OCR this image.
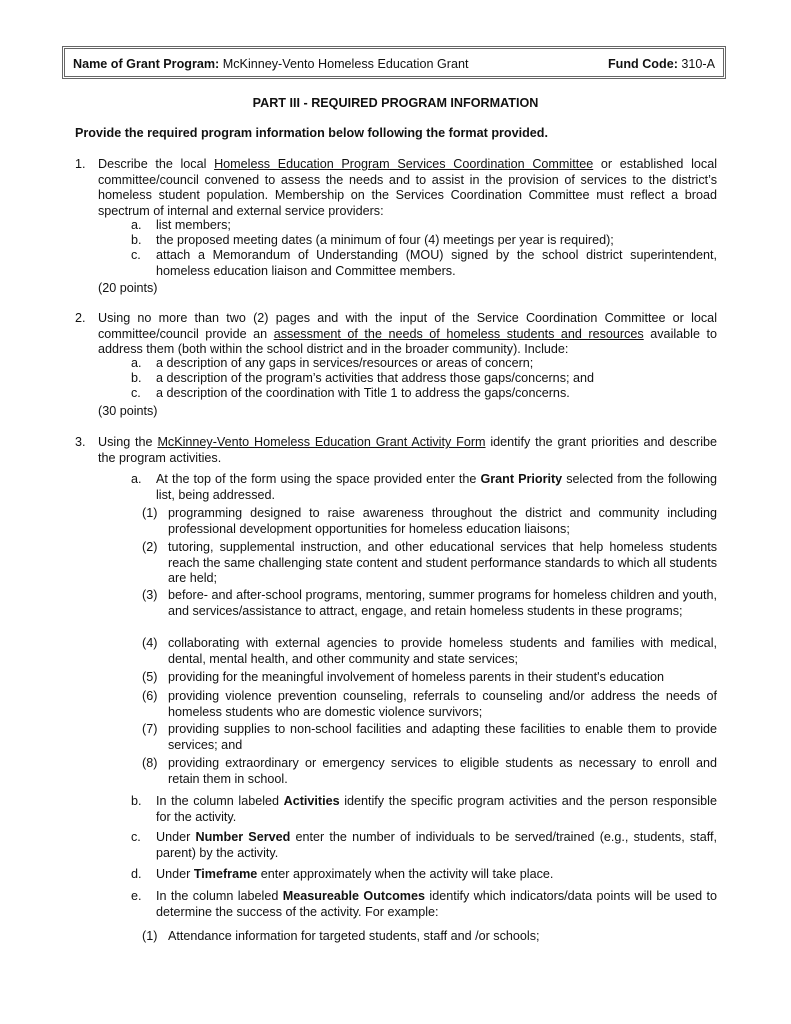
Name of Grant Program: McKinney-Vento Homeless Education Grant	Fund Code: 310-A
PART III - REQUIRED PROGRAM INFORMATION
Provide the required program information below following the format provided.
1. Describe the local Homeless Education Program Services Coordination Committee or established local committee/council convened to assess the needs and to assist in the provision of services to the district’s homeless student population. Membership on the Services Coordination Committee must reflect a broad spectrum of internal and external service providers:
a. list members;
b. the proposed meeting dates (a minimum of four (4) meetings per year is required);
c. attach a Memorandum of Understanding (MOU) signed by the school district superintendent, homeless education liaison and Committee members.
(20 points)
2. Using no more than two (2) pages and with the input of the Service Coordination Committee or local committee/council provide an assessment of the needs of homeless students and resources available to address them (both within the school district and in the broader community). Include:
a. a description of any gaps in services/resources or areas of concern;
b. a description of the program’s activities that address those gaps/concerns; and
c. a description of the coordination with Title 1 to address the gaps/concerns.
(30 points)
3. Using the McKinney-Vento Homeless Education Grant Activity Form identify the grant priorities and describe the program activities.
a. At the top of the form using the space provided enter the Grant Priority selected from the following list, being addressed.
(1) programming designed to raise awareness throughout the district and community including professional development opportunities for homeless education liaisons;
(2) tutoring, supplemental instruction, and other educational services that help homeless students reach the same challenging state content and student performance standards to which all students are held;
(3) before- and after-school programs, mentoring, summer programs for homeless children and youth, and services/assistance to attract, engage, and retain homeless students in these programs;
(4) collaborating with external agencies to provide homeless students and families with medical, dental, mental health, and other community and state services;
(5) providing for the meaningful involvement of homeless parents in their student's education
(6) providing violence prevention counseling, referrals to counseling and/or address the needs of homeless students who are domestic violence survivors;
(7) providing supplies to non-school facilities and adapting these facilities to enable them to provide services; and
(8) providing extraordinary or emergency services to eligible students as necessary to enroll and retain them in school.
b. In the column labeled Activities identify the specific program activities and the person responsible for the activity.
c. Under Number Served enter the number of individuals to be served/trained (e.g., students, staff, parent) by the activity.
d. Under Timeframe enter approximately when the activity will take place.
e. In the column labeled Measureable Outcomes identify which indicators/data points will be used to determine the success of the activity. For example:
(1) Attendance information for targeted students, staff and /or schools;
